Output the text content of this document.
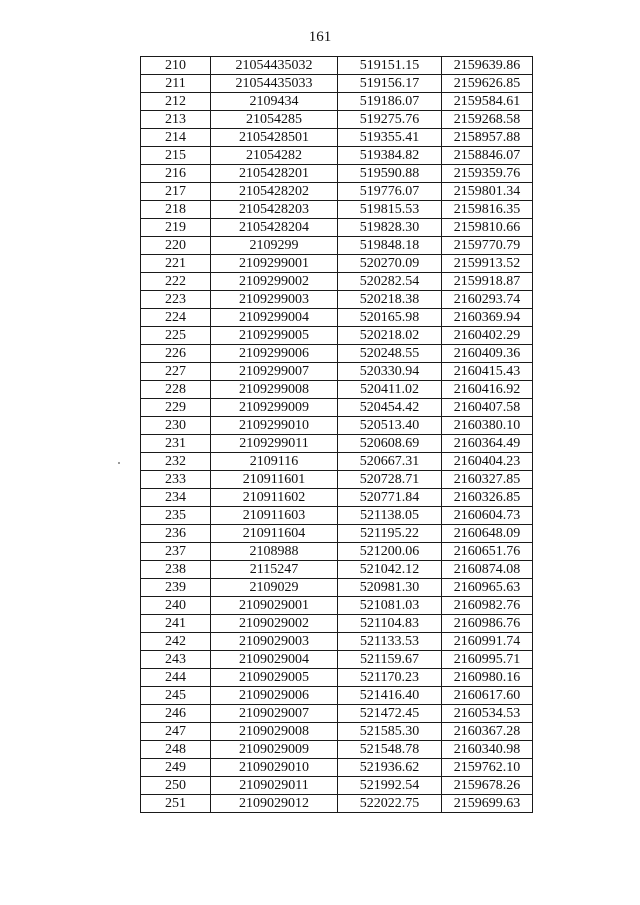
161
210	21054435032	519151.15	2159639.86
211	21054435033	519156.17	2159626.85
212	2109434	519186.07	2159584.61
213	21054285	519275.76	2159268.58
214	2105428501	519355.41	2158957.88
215	21054282	519384.82	2158846.07
216	2105428201	519590.88	2159359.76
217	2105428202	519776.07	2159801.34
218	2105428203	519815.53	2159816.35
219	2105428204	519828.30	2159810.66
220	2109299	519848.18	2159770.79
221	2109299001	520270.09	2159913.52
222	2109299002	520282.54	2159918.87
223	2109299003	520218.38	2160293.74
224	2109299004	520165.98	2160369.94
225	2109299005	520218.02	2160402.29
226	2109299006	520248.55	2160409.36
227	2109299007	520330.94	2160415.43
228	2109299008	520411.02	2160416.92
229	2109299009	520454.42	2160407.58
230	2109299010	520513.40	2160380.10
231	2109299011	520608.69	2160364.49
232	2109116	520667.31	2160404.23
233	210911601	520728.71	2160327.85
234	210911602	520771.84	2160326.85
235	210911603	521138.05	2160604.73
236	210911604	521195.22	2160648.09
237	2108988	521200.06	2160651.76
238	2115247	521042.12	2160874.08
239	2109029	520981.30	2160965.63
240	2109029001	521081.03	2160982.76
241	2109029002	521104.83	2160986.76
242	2109029003	521133.53	2160991.74
243	2109029004	521159.67	2160995.71
244	2109029005	521170.23	2160980.16
245	2109029006	521416.40	2160617.60
246	2109029007	521472.45	2160534.53
247	2109029008	521585.30	2160367.28
248	2109029009	521548.78	2160340.98
249	2109029010	521936.62	2159762.10
250	2109029011	521992.54	2159678.26
251	2109029012	522022.75	2159699.63
